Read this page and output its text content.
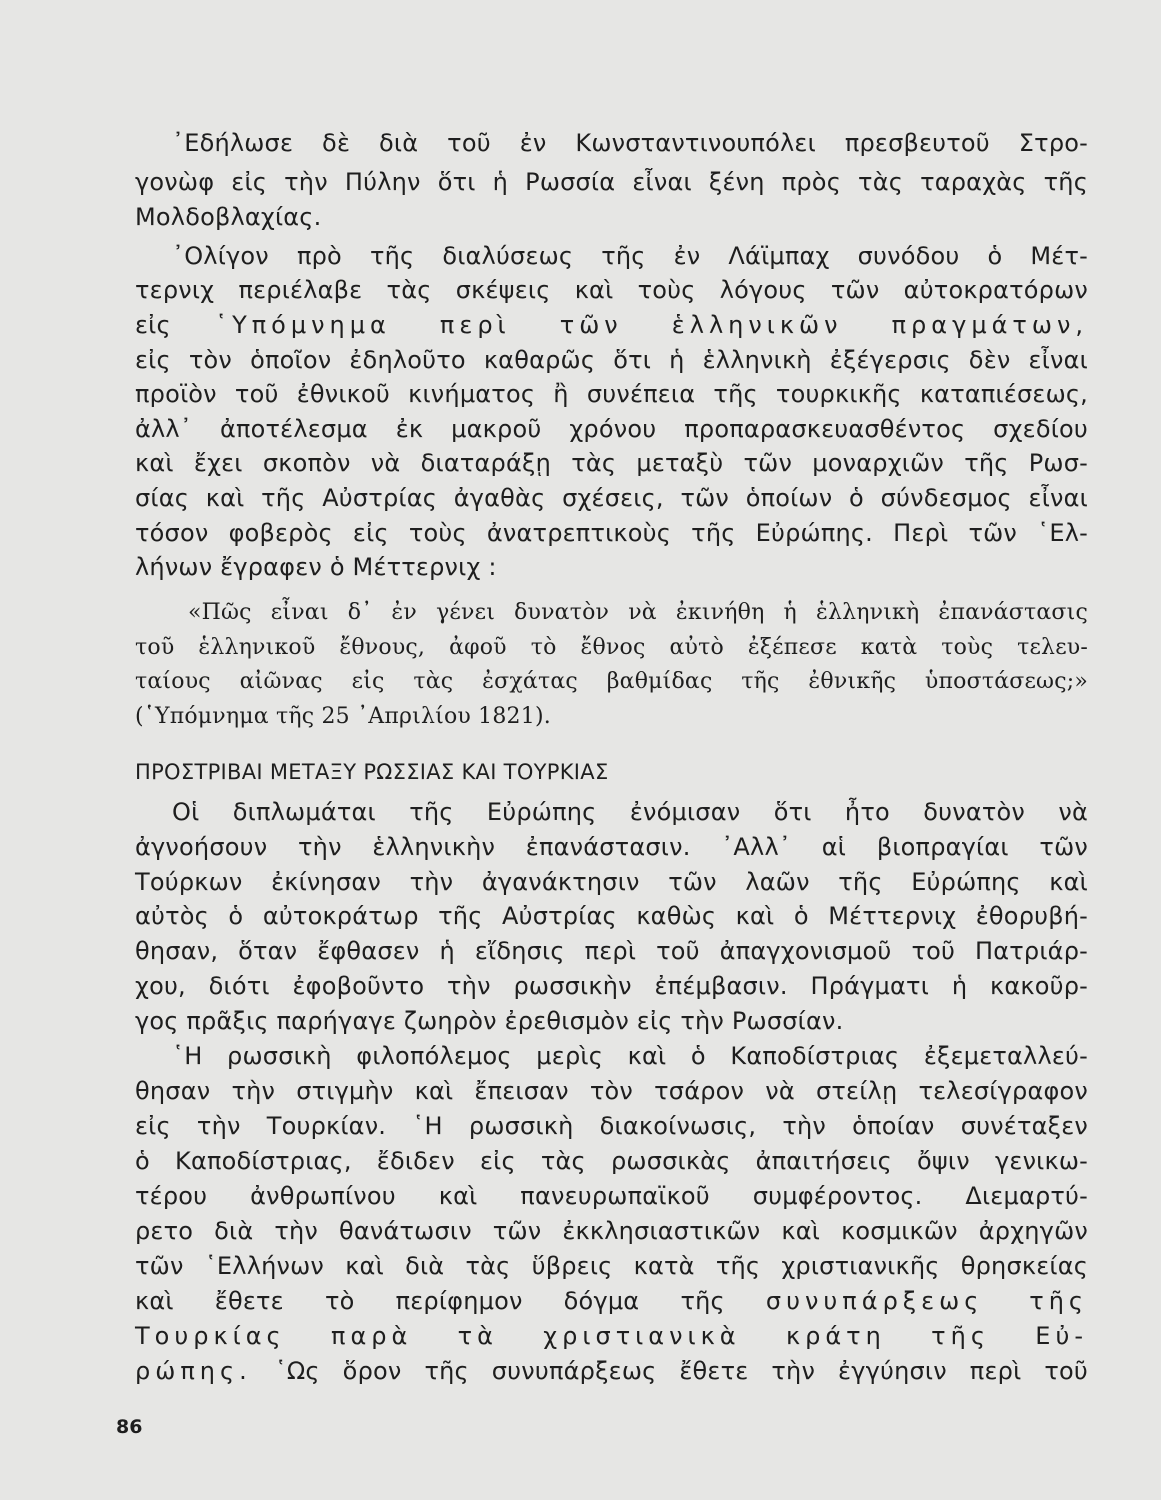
᾿Εδήλωσε δὲ διὰ τοῦ ἐν Κωνσταντινουπόλει πρεσβευτοῦ Στρο-
γονὼφ εἰς τὴν Πύλην ὅτι ἡ Ρωσσία εἶναι ξένη πρὸς τὰς ταραχὰς τῆς
Μολδοβλαχίας.
᾿Ολίγον πρὸ τῆς διαλύσεως τῆς ἐν Λάϊμπαχ συνόδου ὁ Μέτ-
τερνιχ περιέλαβε τὰς σκέψεις καὶ τοὺς λόγους τῶν αὐτοκρατόρων
εἰς ῾Υπόμνημα περὶ τῶν ἑλληνικῶν πραγμάτων,
εἰς τὸν ὁποῖον ἐδηλοῦτο καθαρῶς ὅτι ἡ ἑλληνικὴ ἐξέγερσις δὲν εἶναι
προϊὸν τοῦ ἐθνικοῦ κινήματος ἢ συνέπεια τῆς τουρκικῆς καταπιέσεως,
ἀλλ᾿ ἀποτέλεσμα ἐκ μακροῦ χρόνου προπαρασκευασθέντος σχεδίου
καὶ ἔχει σκοπὸν νὰ διαταράξῃ τὰς μεταξὺ τῶν μοναρχιῶν τῆς Ρωσ-
σίας καὶ τῆς Αὐστρίας ἀγαθὰς σχέσεις, τῶν ὁποίων ὁ σύνδεσμος εἶναι
τόσον φοβερὸς εἰς τοὺς ἀνατρεπτικοὺς τῆς Εὐρώπης. Περὶ τῶν ῾Ελ-
λήνων ἔγραφεν ὁ Μέττερνιχ :
«Πῶς εἶναι δ᾿ ἐν γένει δυνατὸν νὰ ἐκινήθη ἡ ἑλληνικὴ ἐπανάστασις
τοῦ ἑλληνικοῦ ἔθνους, ἀφοῦ τὸ ἔθνος αὐτὸ ἐξέπεσε κατὰ τοὺς τελευ-
ταίους αἰῶνας εἰς τὰς ἐσχάτας βαθμίδας τῆς ἐθνικῆς ὑποστάσεως;»
(῾Υπόμνημα τῆς 25 ᾿Απριλίου 1821).
ΠΡΟΣΤΡΙΒΑΙ ΜΕΤΑΞΥ ΡΩΣΣΙΑΣ ΚΑΙ ΤΟΥΡΚΙΑΣ
Οἱ διπλωμάται τῆς Εὐρώπης ἐνόμισαν ὅτι ἦτο δυνατὸν νὰ
ἀγνοήσουν τὴν ἑλληνικὴν ἐπανάστασιν. ᾿Αλλ᾿ αἱ βιοπραγίαι τῶν
Τούρκων ἐκίνησαν τὴν ἀγανάκτησιν τῶν λαῶν τῆς Εὐρώπης καὶ
αὐτὸς ὁ αὐτοκράτωρ τῆς Αὐστρίας καθὼς καὶ ὁ Μέττερνιχ ἐθορυβή-
θησαν, ὅταν ἔφθασεν ἡ εἴδησις περὶ τοῦ ἀπαγχονισμοῦ τοῦ Πατριάρ-
χου, διότι ἐφοβοῦντο τὴν ρωσσικὴν ἐπέμβασιν. Πράγματι ἡ κακοῦρ-
γος πρᾶξις παρήγαγε ζωηρὸν ἐρεθισμὸν εἰς τὴν Ρωσσίαν.
῾Η ρωσσικὴ φιλοπόλεμος μερὶς καὶ ὁ Καποδίστριας ἐξεμεταλλεύ-
θησαν τὴν στιγμὴν καὶ ἔπεισαν τὸν τσάρον νὰ στείλῃ τελεσίγραφον
εἰς τὴν Τουρκίαν. ῾Η ρωσσικὴ διακοίνωσις, τὴν ὁποίαν συνέταξεν
ὁ Καποδίστριας, ἔδιδεν εἰς τὰς ρωσσικὰς ἀπαιτήσεις ὄψιν γενικω-
τέρου ἀνθρωπίνου καὶ πανευρωπαϊκοῦ συμφέροντος. Διεμαρτύ-
ρετο διὰ τὴν θανάτωσιν τῶν ἐκκλησιαστικῶν καὶ κοσμικῶν ἀρχηγῶν
τῶν ῾Ελλήνων καὶ διὰ τὰς ὕβρεις κατὰ τῆς χριστιανικῆς θρησκείας
καὶ ἔθετε τὸ περίφημον δόγμα τῆς συνυπάρξεως τῆς
Τουρκίας παρὰ τὰ χριστιανικὰ κράτη τῆς Εὐ-
ρώπης. ῾Ως ὅρον τῆς συνυπάρξεως ἔθετε τὴν ἐγγύησιν περὶ τοῦ
86
